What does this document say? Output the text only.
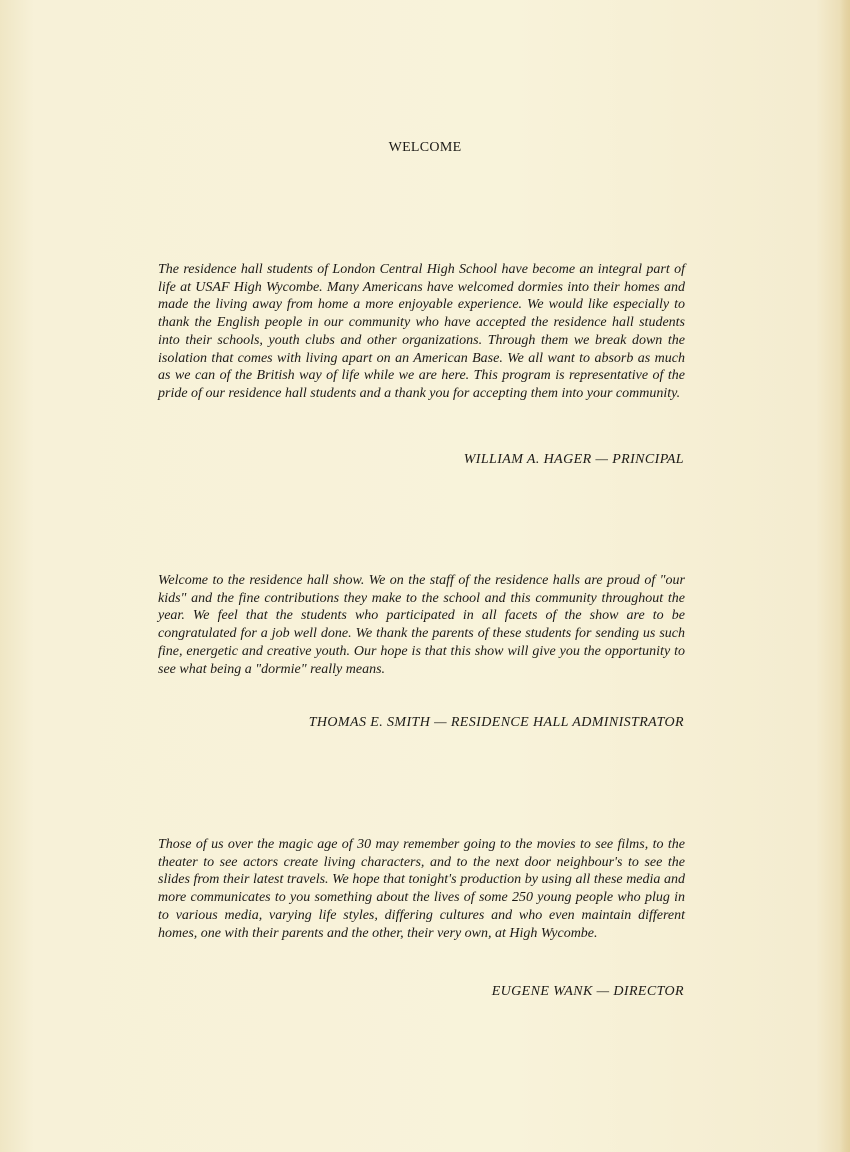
WELCOME

The residence hall students of London Central High School have become an integral part of life at USAF High Wycombe. Many Americans have welcomed dormies into their homes and made the living away from home a more enjoyable experience. We would like especially to thank the English people in our community who have accepted the residence hall students into their schools, youth clubs and other organizations. Through them we break down the isolation that comes with living apart on an American Base. We all want to absorb as much as we can of the British way of life while we are here. This program is representative of the pride of our residence hall students and a thank you for accepting them into your community.

WILLIAM A. HAGER — PRINCIPAL

Welcome to the residence hall show. We on the staff of the residence halls are proud of "our kids" and the fine contributions they make to the school and this community throughout the year. We feel that the students who participated in all facets of the show are to be congratulated for a job well done. We thank the parents of these students for sending us such fine, energetic and creative youth. Our hope is that this show will give you the opportunity to see what being a "dormie" really means.

THOMAS E. SMITH — RESIDENCE HALL ADMINISTRATOR

Those of us over the magic age of 30 may remember going to the movies to see films, to the theater to see actors create living characters, and to the next door neighbour's to see the slides from their latest travels. We hope that tonight's production by using all these media and more communicates to you something about the lives of some 250 young people who plug in to various media, varying life styles, differing cultures and who even maintain different homes, one with their parents and the other, their very own, at High Wycombe.

EUGENE WANK — DIRECTOR
